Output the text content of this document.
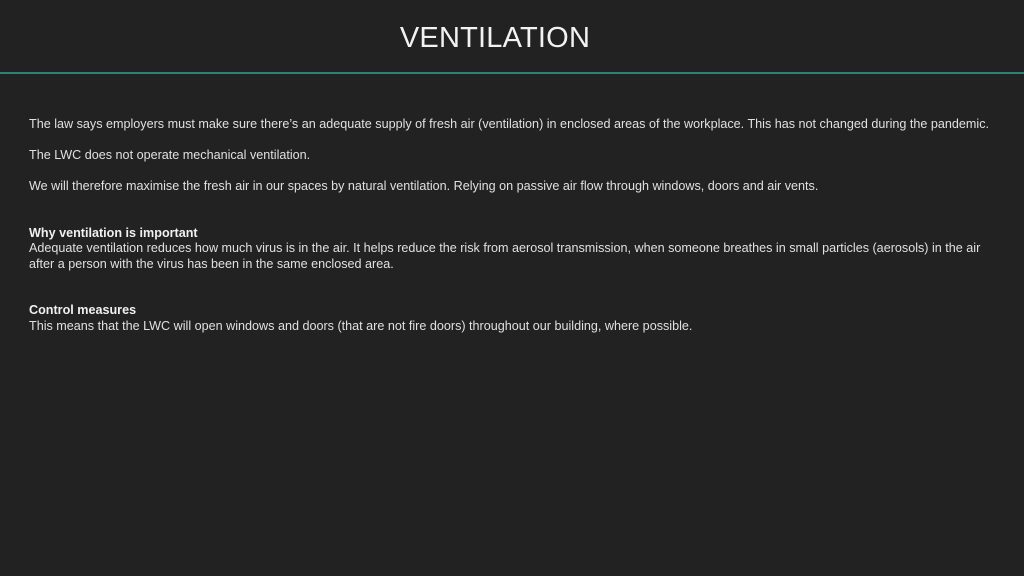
VENTILATION

The law says employers must make sure there’s an adequate supply of fresh air (ventilation) in enclosed areas of the workplace. This has not changed during the pandemic.

The LWC does not operate mechanical ventilation.

We will therefore maximise the fresh air in our spaces by natural ventilation. Relying on passive air flow through windows, doors and air vents.

Why ventilation is important

Adequate ventilation reduces how much virus is in the air. It helps reduce the risk from aerosol transmission, when someone breathes in small particles (aerosols) in the air after a person with the virus has been in the same enclosed area.

Control measures

This means that the LWC will open windows and doors (that are not fire doors) throughout our building, where possible.
